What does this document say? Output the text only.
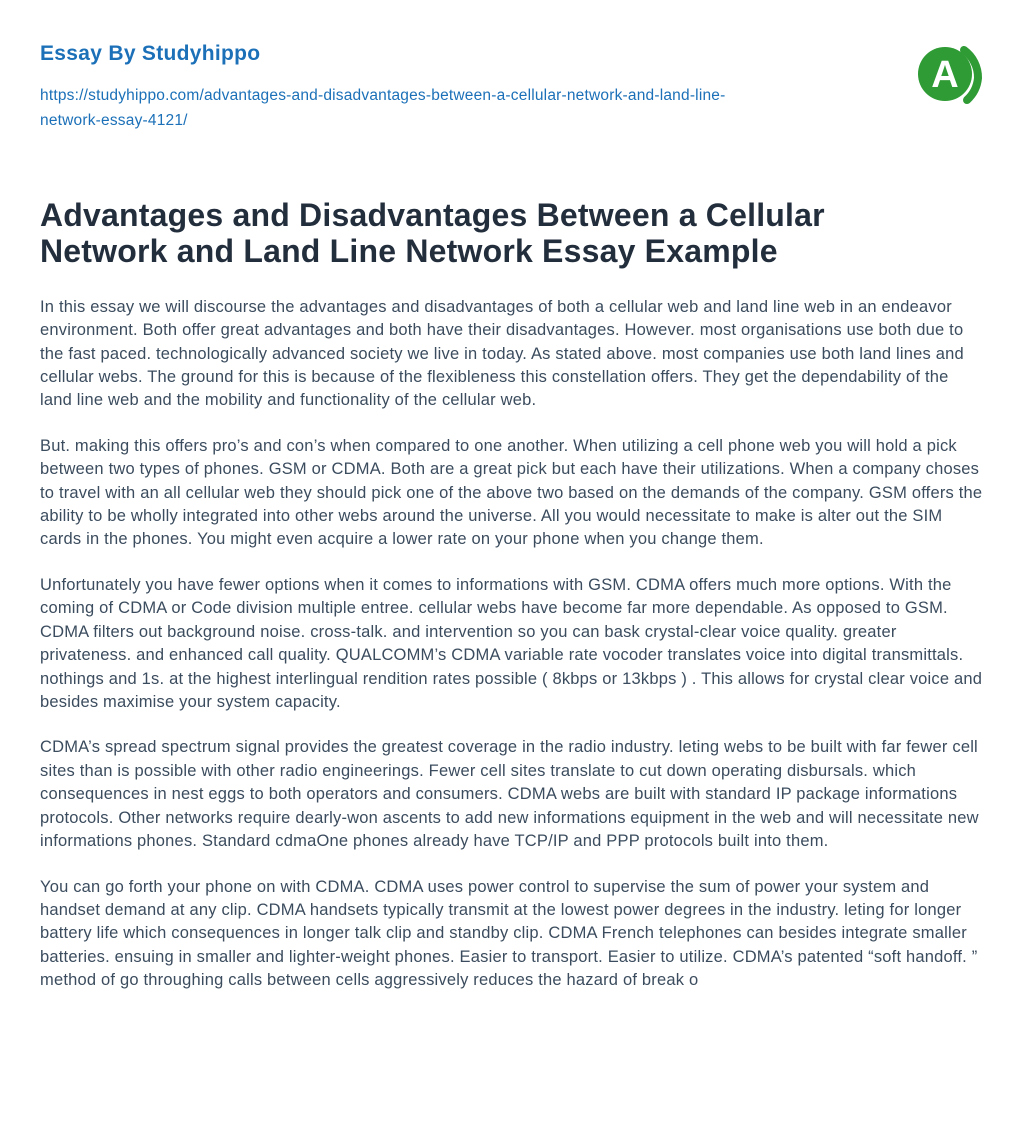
Essay By Studyhippo
https://studyhippo.com/advantages-and-disadvantages-between-a-cellular-network-and-land-line-network-essay-4121/
A
Advantages and Disadvantages Between a Cellular Network and Land Line Network Essay Example

In this essay we will discourse the advantages and disadvantages of both a cellular web and land line web in an endeavor environment. Both offer great advantages and both have their disadvantages. However. most organisations use both due to the fast paced. technologically advanced society we live in today. As stated above. most companies use both land lines and cellular webs. The ground for this is because of the flexibleness this constellation offers. They get the dependability of the land line web and the mobility and functionality of the cellular web.

But. making this offers pro’s and con’s when compared to one another. When utilizing a cell phone web you will hold a pick between two types of phones. GSM or CDMA. Both are a great pick but each have their utilizations. When a company choses to travel with an all cellular web they should pick one of the above two based on the demands of the company. GSM offers the ability to be wholly integrated into other webs around the universe. All you would necessitate to make is alter out the SIM cards in the phones. You might even acquire a lower rate on your phone when you change them.

Unfortunately you have fewer options when it comes to informations with GSM. CDMA offers much more options. With the coming of CDMA or Code division multiple entree. cellular webs have become far more dependable. As opposed to GSM. CDMA filters out background noise. cross-talk. and intervention so you can bask crystal-clear voice quality. greater privateness. and enhanced call quality. QUALCOMM’s CDMA variable rate vocoder translates voice into digital transmittals. nothings and 1s. at the highest interlingual rendition rates possible ( 8kbps or 13kbps ) . This allows for crystal clear voice and besides maximise your system capacity.

CDMA’s spread spectrum signal provides the greatest coverage in the radio industry. leting webs to be built with far fewer cell sites than is possible with other radio engineerings. Fewer cell sites translate to cut down operating disbursals. which consequences in nest eggs to both operators and consumers. CDMA webs are built with standard IP package informations protocols. Other networks require dearly-won ascents to add new informations equipment in the web and will necessitate new informations phones. Standard cdmaOne phones already have TCP/IP and PPP protocols built into them.

You can go forth your phone on with CDMA. CDMA uses power control to supervise the sum of power your system and handset demand at any clip. CDMA handsets typically transmit at the lowest power degrees in the industry. leting for longer battery life which consequences in longer talk clip and standby clip. CDMA French telephones can besides integrate smaller batteries. ensuing in smaller and lighter-weight phones. Easier to transport. Easier to utilize. CDMA’s patented “soft handoff. ” method of go throughing calls between cells aggressively reduces the hazard of break o
